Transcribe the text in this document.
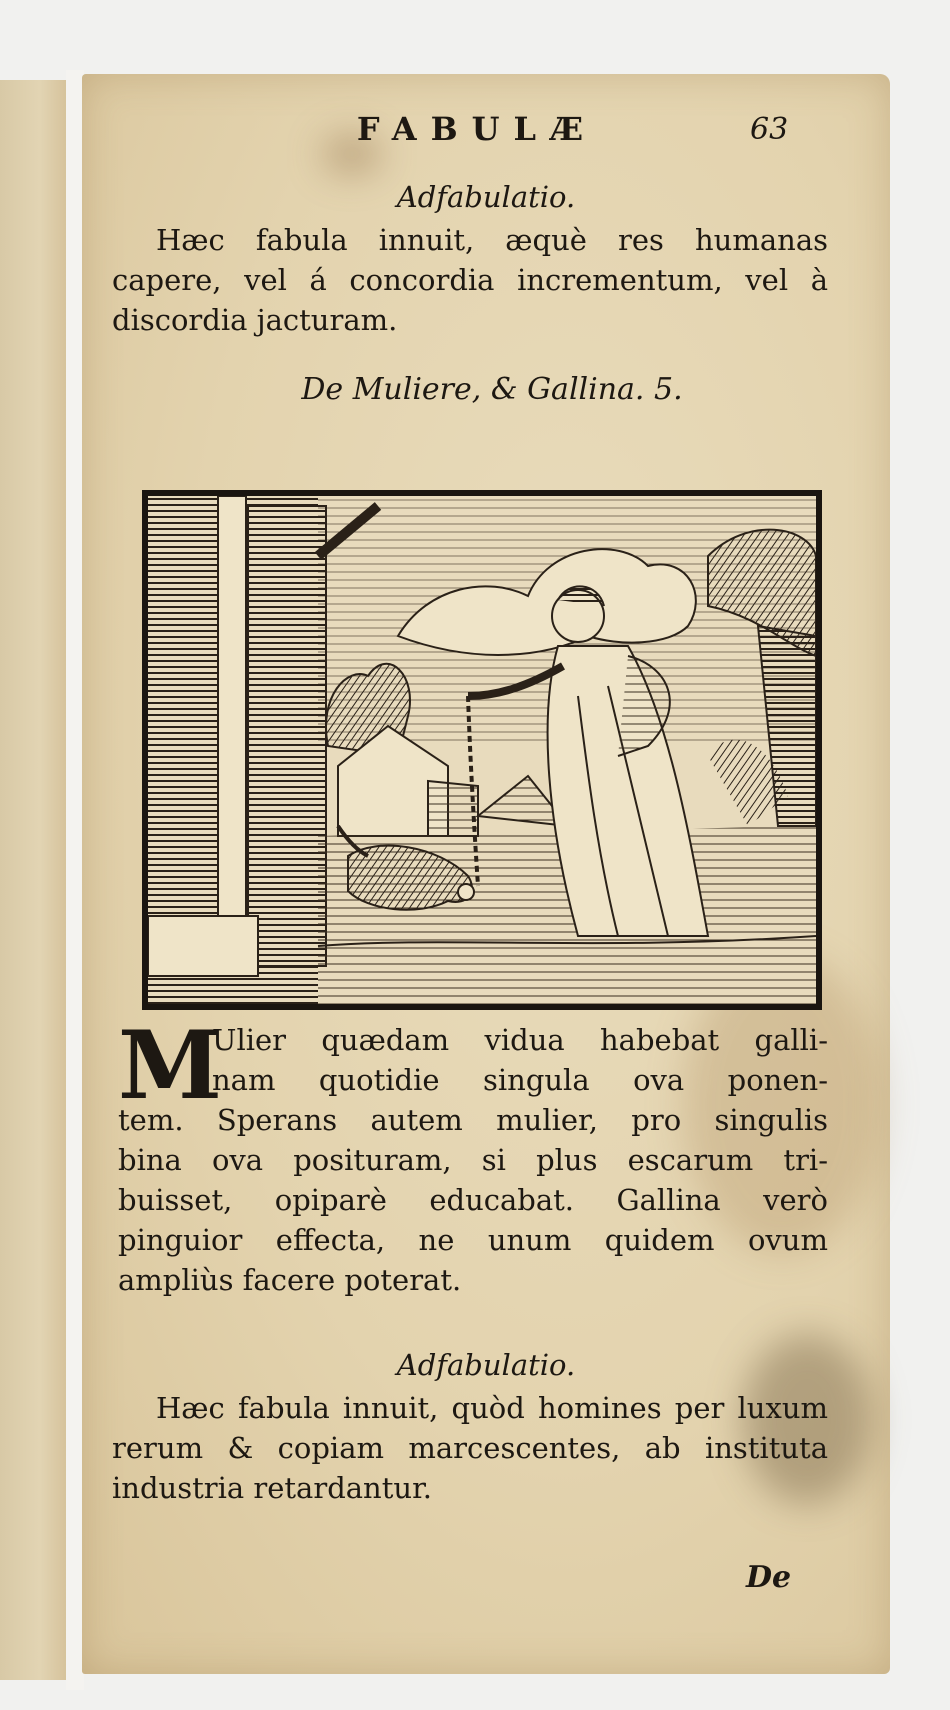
FABULÆ	63
Adfabulatio.
Hæc fabula innuit, æquè res humanas capere, vel á concordia incrementum, vel à discordia jacturam.
De Muliere, & Gallina. 5.
M
Ulier quædam vidua habebat galli-
nam quotidie singula ova ponen-
tem. Sperans autem mulier, pro singulis
bina ova posituram, si plus escarum tri-
buisset, opiparè educabat. Gallina verò
pinguior effecta, ne unum quidem ovum
ampliùs facere poterat.
Adfabulatio.
Hæc fabula innuit, quòd homines per luxum rerum & copiam marcescentes, ab instituta industria retardantur.
De
